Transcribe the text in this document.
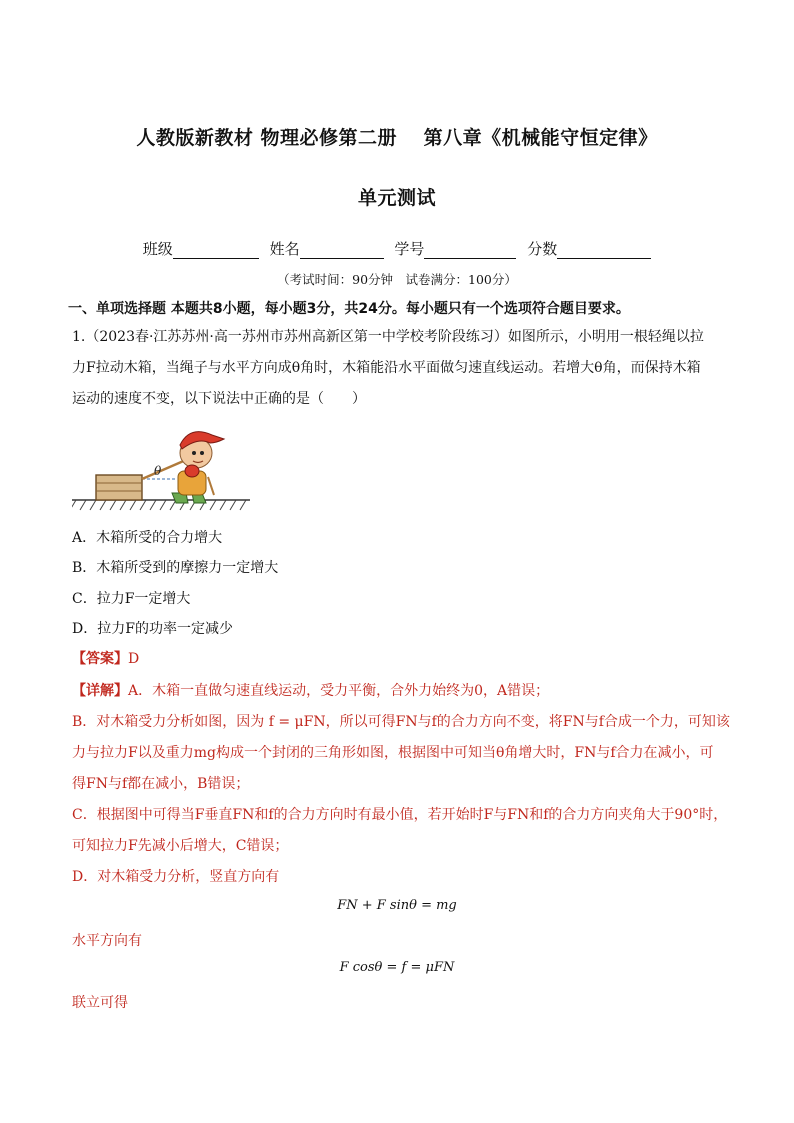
人教版新教材 物理必修第二册　 第八章《机械能守恒定律》
单元测试
班级	姓名	学号	分数
（考试时间：90分钟　试卷满分：100分）
一、单项选择题 本题共8小题，每小题3分，共24分。每小题只有一个选项符合题目要求。
1.（2023春·江苏苏州·高一苏州市苏州高新区第一中学校考阶段练习）如图所示，小明用一根轻绳以拉
力F拉动木箱，当绳子与水平方向成θ角时，木箱能沿水平面做匀速直线运动。若增大θ角，而保持木箱
运动的速度不变，以下说法中正确的是（　　）
θ
A．木箱所受的合力增大
B．木箱所受到的摩擦力一定增大
C．拉力F一定增大
D．拉力F的功率一定减少
【答案】D
【详解】A．木箱一直做匀速直线运动，受力平衡，合外力始终为0，A错误；
B．对木箱受力分析如图，因为 f = μFN，所以可得FN与f的合力方向不变，将FN与f合成一个力，可知该
力与拉力F以及重力mg构成一个封闭的三角形如图，根据图中可知当θ角增大时，FN与f合力在减小，可
得FN与f都在减小，B错误；
C．根据图中可得当F垂直FN和f的合力方向时有最小值，若开始时F与FN和f的合力方向夹角大于90°时，
可知拉力F先减小后增大，C错误；
D．对木箱受力分析，竖直方向有
FN + F sinθ = mg
水平方向有
F cosθ = f = μFN
联立可得
